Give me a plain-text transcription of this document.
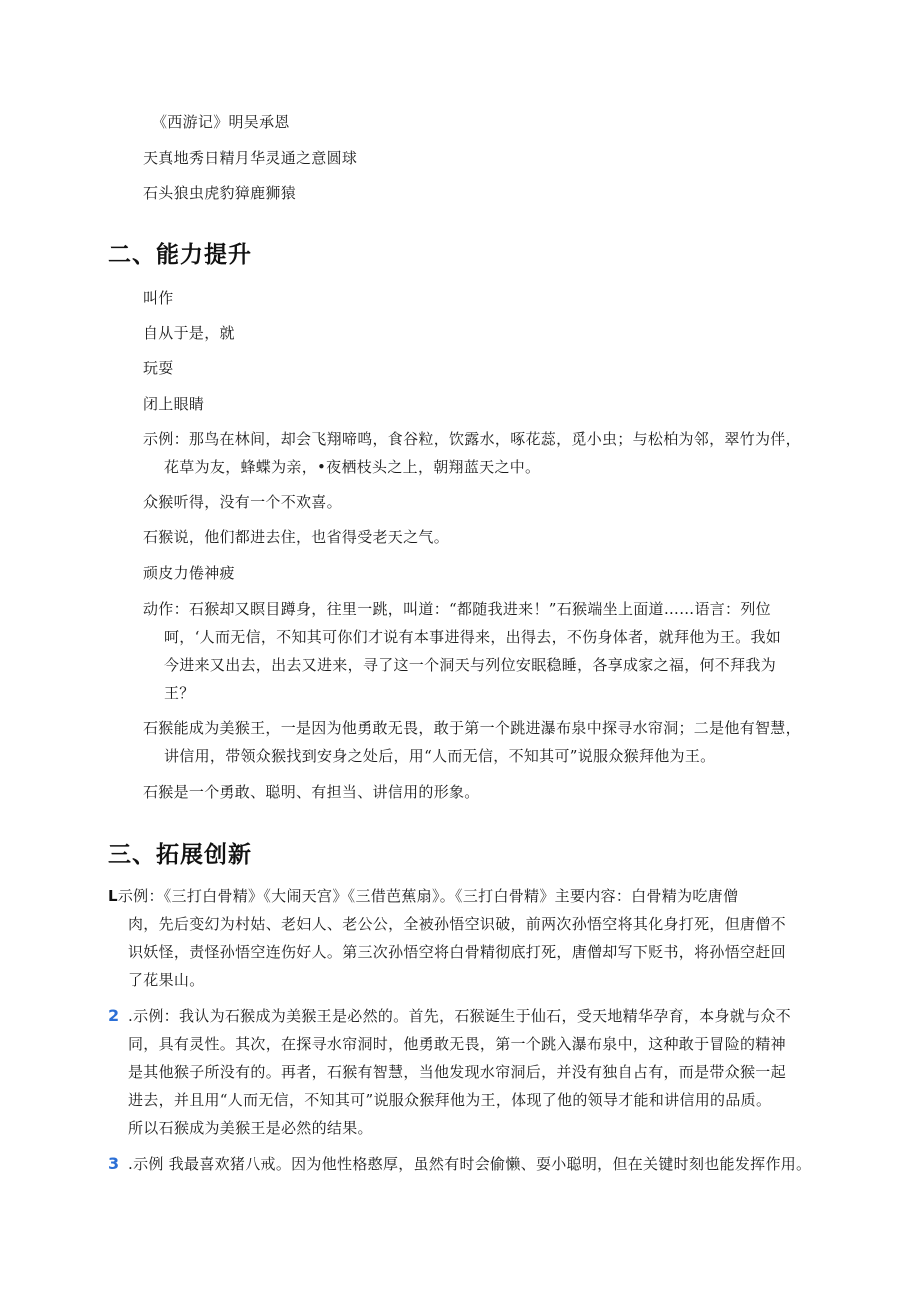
《西游记》明吴承恩
天真地秀日精月华灵通之意圆球
石头狼虫虎豹獐鹿狮猿
二、能力提升
叫作
自从于是，就
玩耍
闭上眼睛
示例：那鸟在林间，却会飞翔啼鸣，食谷粒，饮露水，啄花蕊，觅小虫；与松柏为邻，翠竹为伴，
花草为友，蜂蝶为亲，•夜栖枝头之上，朝翔蓝天之中。
众猴听得，没有一个不欢喜。
石猴说，他们都进去住，也省得受老天之气。
顽皮力倦神疲
动作：石猴却又瞑目蹲身，往里一跳，叫道：“都随我进来！”石猴端坐上面道……语言：列位
呵，‘人而无信，不知其可你们才说有本事进得来，出得去，不伤身体者，就拜他为王。我如
今进来又出去，出去又进来，寻了这一个洞天与列位安眠稳睡，各享成家之福，何不拜我为
王？
石猴能成为美猴王，一是因为他勇敢无畏，敢于第一个跳进瀑布泉中探寻水帘洞；二是他有智慧，
讲信用，带领众猴找到安身之处后，用“人而无信，不知其可”说服众猴拜他为王。
石猴是一个勇敢、聪明、有担当、讲信用的形象。
三、拓展创新
L示例：《三打白骨精》《大闹天宫》《三借芭蕉扇》。《三打白骨精》主要内容：白骨精为吃唐僧
肉，先后变幻为村姑、老妇人、老公公，全被孙悟空识破，前两次孙悟空将其化身打死，但唐僧不
识妖怪，责怪孙悟空连伤好人。第三次孙悟空将白骨精彻底打死，唐僧却写下贬书，将孙悟空赶回
了花果山。
2 .示例：我认为石猴成为美猴王是必然的。首先，石猴诞生于仙石，受天地精华孕育，本身就与众不
同，具有灵性。其次，在探寻水帘洞时，他勇敢无畏，第一个跳入瀑布泉中，这种敢于冒险的精神
是其他猴子所没有的。再者，石猴有智慧，当他发现水帘洞后，并没有独自占有，而是带众猴一起
进去，并且用“人而无信，不知其可”说服众猴拜他为王，体现了他的领导才能和讲信用的品质。
所以石猴成为美猴王是必然的结果。
3 .示例 我最喜欢猪八戒。因为他性格憨厚，虽然有时会偷懒、耍小聪明，但在关键时刻也能发挥作用。
